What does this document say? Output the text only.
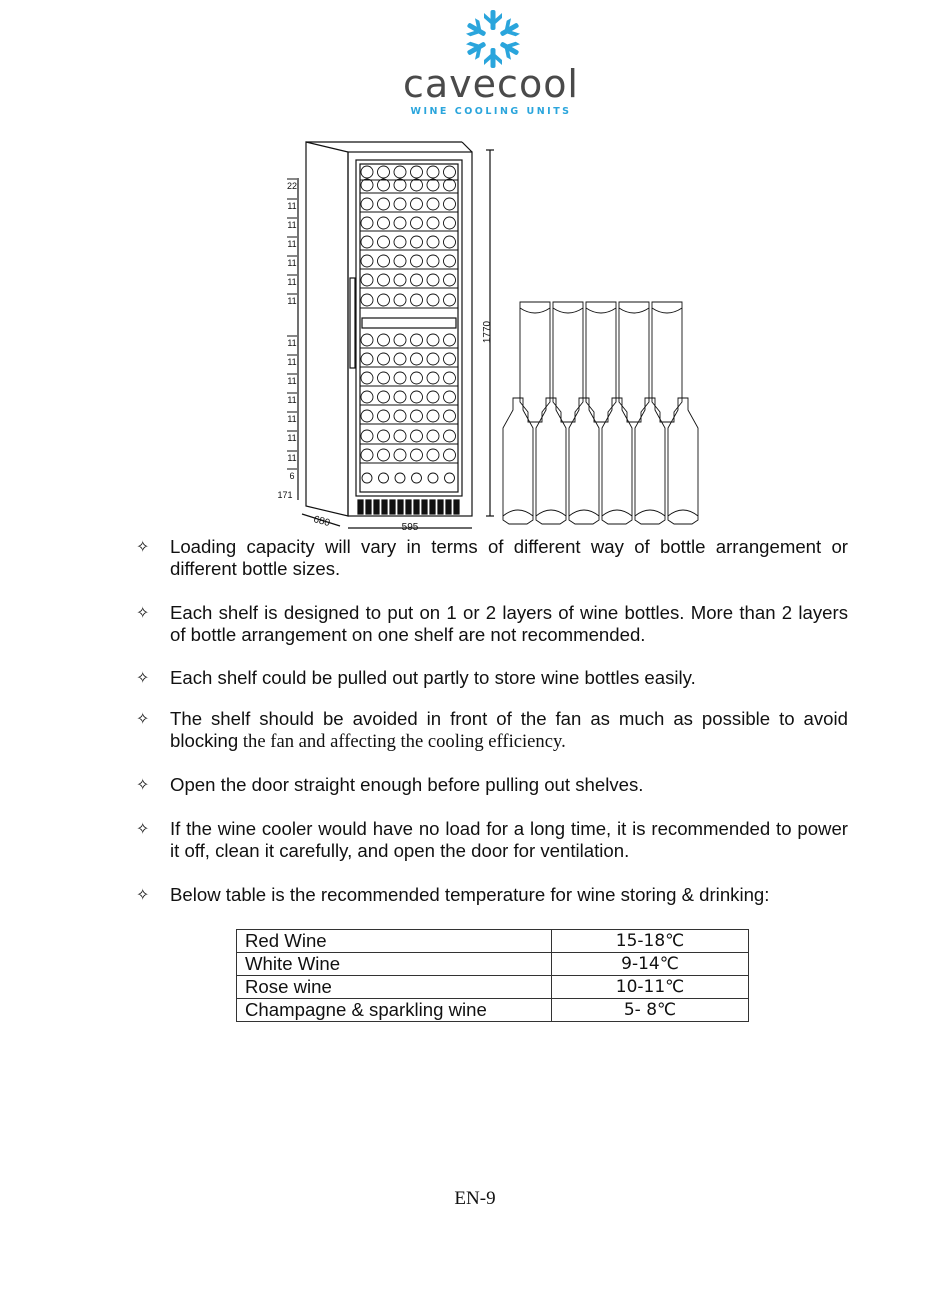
cavecool
WINE COOLING UNITS
22
11
11
11
11
11
11
11
11
11
11
11
11
11
6
1770
595
680
171
✧ Loading capacity will vary in terms of different way of bottle arrangement or different bottle sizes.
✧ Each shelf is designed to put on 1 or 2 layers of wine bottles. More than 2 layers of bottle arrangement on one shelf are not recommended.
✧ Each shelf could be pulled out partly to store wine bottles easily.
✧ The shelf should be avoided in front of the fan as much as possible to avoid blocking the fan and affecting the cooling efficiency.
✧ Open the door straight enough before pulling out shelves.
✧ If the wine cooler would have no load for a long time, it is recommended to power it off, clean it carefully, and open the door for ventilation.
✧ Below table is the recommended temperature for wine storing & drinking:
Red Wine	15-18℃
White Wine	9-14℃
Rose wine	10-11℃
Champagne & sparkling wine	5- 8℃
EN-9
